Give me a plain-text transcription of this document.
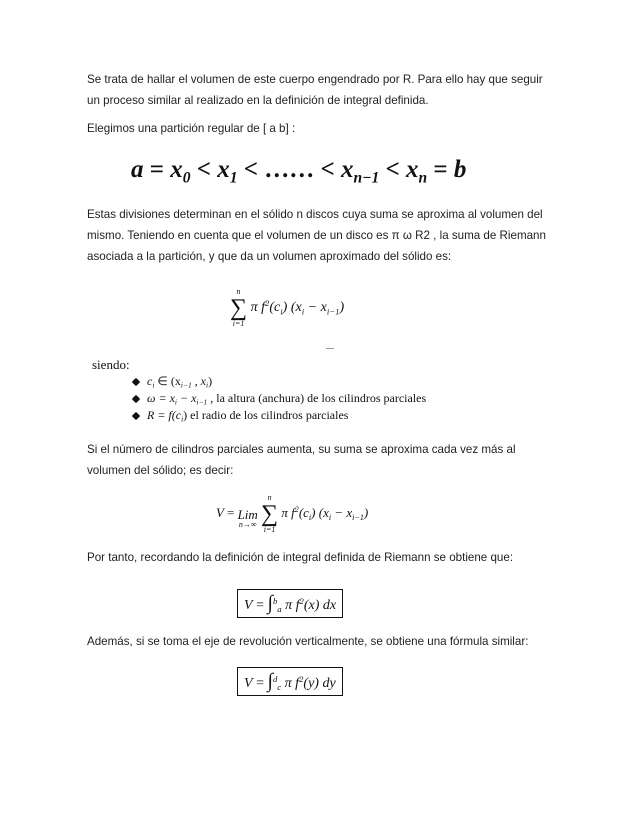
Se trata de hallar el volumen de este cuerpo engendrado por R. Para ello hay que seguir un proceso similar al realizado en la definición de integral definida.
Elegimos una partición regular de [ a b] :
$a = x_0 < x_1$ < …… < $x_{n-1} < x_n = b$
Estas divisiones determinan en el sólido n discos cuya suma se aproxima al volumen del mismo. Teniendo en cuenta que el volumen de un disco es π ω R2 , la suma de Riemann asociada a la partición, y que da un volumen aproximado del sólido es:
n
∑
i=1
π $f^2(c_i) (x_i - x_{i-1})$
‒‒
siendo:
$c_i$ ∈ ($x_{i-1}$ , $x_i$)
$\omega = x_i - x_{i-1}$ , la altura (anchura) de los cilindros parciales
$R = f(c_i)$ el radio de los cilindros parciales
Si el número de cilindros parciales aumenta, su suma se aproxima cada vez más al volumen del sólido; es decir:
V = Lim
n→∞

n
∑
i=1
π $f^2(c_i) (x_i - x_{i-1})$
Por tanto, recordando la definición de integral definida de Riemann se obtiene que:
V = ∫$^b_a$ π $f^2(x)$ dx
Además, si se toma el eje de revolución verticalmente, se obtiene una fórmula similar:
V = ∫$^d_c$ π $f^2(y)$ dy
